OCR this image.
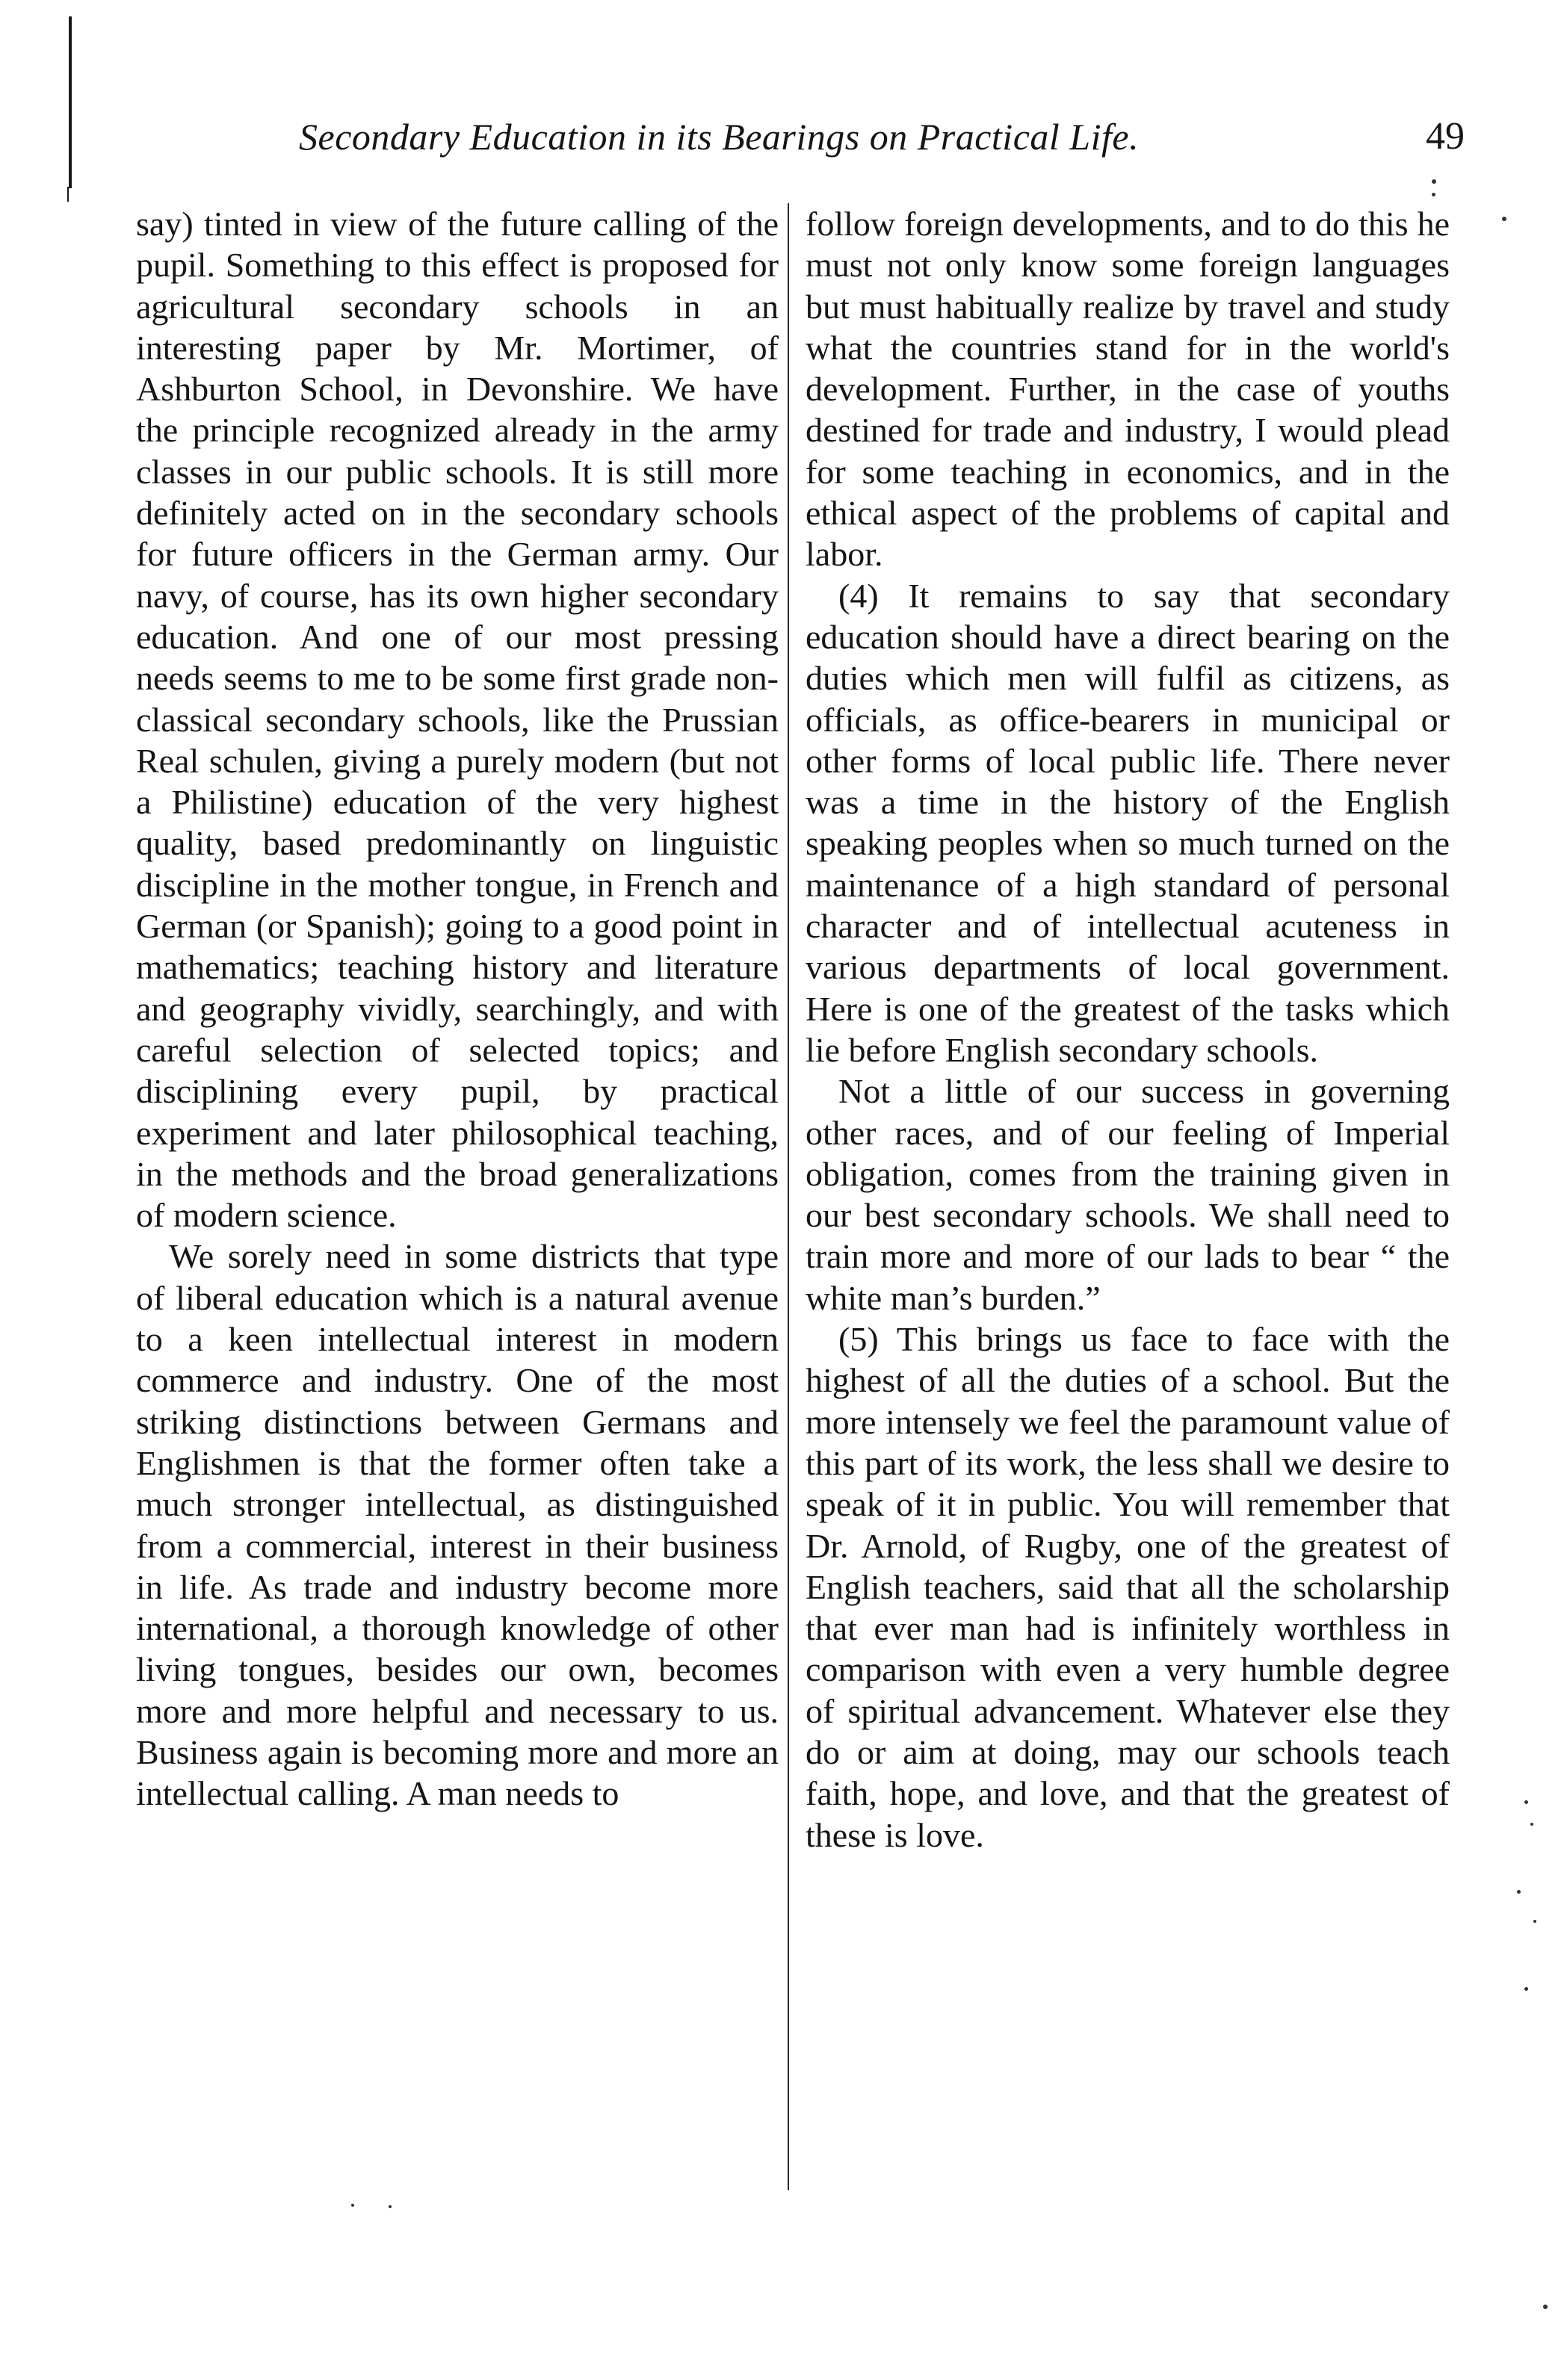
Secondary Education in its Bearings on Practical Life.	49

say) tinted in view of the future calling of the pupil. Something to this effect is proposed for agricultural secondary schools in an interesting paper by Mr. Mortimer, of Ashburton School, in Devonshire. We have the principle recognized already in the army classes in our public schools. It is still more definitely acted on in the secondary schools for future officers in the German army. Our navy, of course, has its own higher secondary education. And one of our most pressing needs seems to me to be some first grade non-classical secondary schools, like the Prussian Real schulen, giving a purely modern (but not a Philistine) education of the very highest quality, based predominantly on linguistic discipline in the mother tongue, in French and German (or Spanish); going to a good point in mathematics; teaching history and literature and geography vividly, searchingly, and with careful selection of selected topics; and disciplining every pupil, by practical experiment and later philosophical teaching, in the methods and the broad generalizations of modern science.

We sorely need in some districts that type of liberal education which is a natural avenue to a keen intellectual interest in modern commerce and industry. One of the most striking distinctions between Germans and Englishmen is that the former often take a much stronger intellectual, as distinguished from a commercial, interest in their business in life. As trade and industry become more international, a thorough knowledge of other living tongues, besides our own, becomes more and more helpful and necessary to us. Business again is becoming more and more an intellectual calling. A man needs to

follow foreign developments, and to do this he must not only know some foreign languages but must habitually realize by travel and study what the countries stand for in the world's development. Further, in the case of youths destined for trade and industry, I would plead for some teaching in economics, and in the ethical aspect of the problems of capital and labor.

(4) It remains to say that secondary education should have a direct bearing on the duties which men will fulfil as citizens, as officials, as office-bearers in municipal or other forms of local public life. There never was a time in the history of the English speaking peoples when so much turned on the maintenance of a high standard of personal character and of intellectual acuteness in various departments of local government. Here is one of the greatest of the tasks which lie before English secondary schools.

Not a little of our success in governing other races, and of our feeling of Imperial obligation, comes from the training given in our best secondary schools. We shall need to train more and more of our lads to bear “ the white man’s burden.”

(5) This brings us face to face with the highest of all the duties of a school. But the more intensely we feel the paramount value of this part of its work, the less shall we desire to speak of it in public. You will remember that Dr. Arnold, of Rugby, one of the greatest of English teachers, said that all the scholarship that ever man had is infinitely worthless in comparison with even a very humble degree of spiritual advancement. Whatever else they do or aim at doing, may our schools teach faith, hope, and love, and that the greatest of these is love.
